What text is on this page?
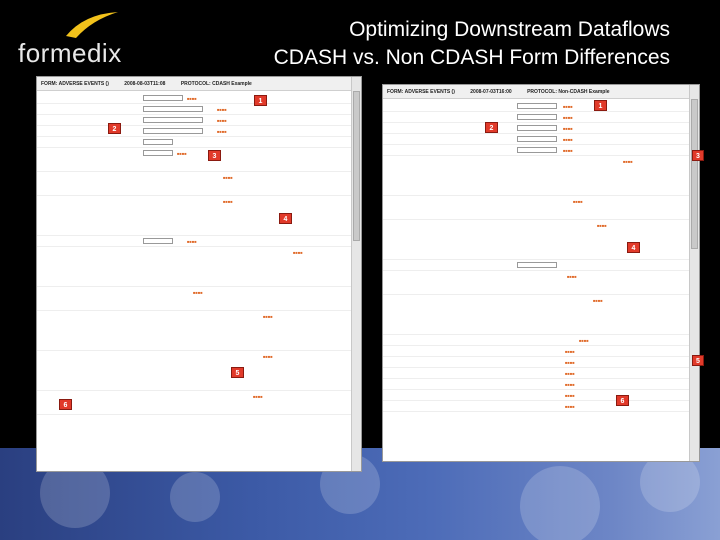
formedix
Optimizing Downstream Dataflows
CDASH vs. Non CDASH Form Differences
FORM: ADVERSE EVENTS ()	2008-08-03T11:08	PROTOCOL: CDASH Example
■■■■
■■■■
■■■■
■■■■
■■■■
■■■■
■■■■
■■■■
■■■■
■■■■
■■■■
■■■■
■■■■
FORM: ADVERSE EVENTS ()	2008-07-03T16:00	PROTOCOL: Non-CDASH Example
■■■■
■■■■
■■■■
■■■■
■■■■
■■■■
■■■■
■■■■
■■■■
■■■■
■■■■
■■■■
■■■■
■■■■
■■■■
■■■■
■■■■
1
2
3
4
5
6
1
2
3
4
5
6
